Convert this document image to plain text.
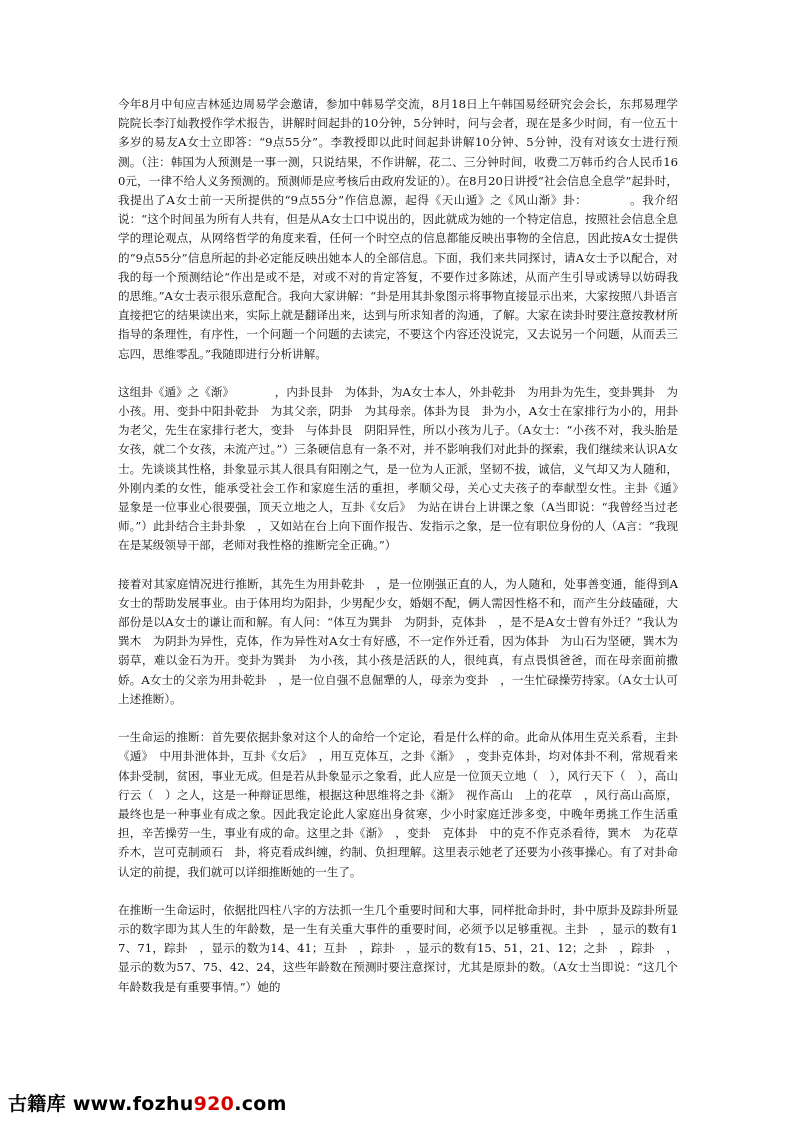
今年8月中旬应吉林延边周易学会邀请，参加中韩易学交流，8月18日上午韩国易经研究会会长，东邦易理学院院长李汀灿教授作学术报告，讲解时间起卦的10分钟，5分钟时，问与会者，现在是多少时间，有一位五十多岁的易友A女士立即答：“9点55分”。李教授即以此时间起卦讲解10分钟、5分钟，没有对该女士进行预测。（注：韩国为人预测是一事一测，只说结果，不作讲解，花二、三分钟时间，收费二万韩币约合人民币160元，一律不给人义务预测的。预测师是应考核后由政府发证的）。在8月20日讲授“社会信息全息学”起卦时，我提出了A女士前一天所提供的“9点55分”作信息源，起得《天山遁》之《风山渐》卦：　　　　。我介绍说：“这个时间虽为所有人共有，但是从A女士口中说出的，因此就成为她的一个特定信息，按照社会信息全息学的理论观点，从网络哲学的角度来看，任何一个时空点的信息都能反映出事物的全信息，因此按A女士提供的“9点55分”信息所起的卦必定能反映出她本人的全部信息。下面，我们来共同探讨，请A女士予以配合，对我的每一个预测结论“作出是或不是，对或不对的肯定答复，不要作过多陈述，从而产生引导或诱导以妨碍我的思维。”A女士表示很乐意配合。我向大家讲解：“卦是用其卦象图示将事物直接显示出来，大家按照八卦语言直接把它的结果读出来，实际上就是翻译出来，达到与所求知者的沟通，了解。大家在读卦时要注意按教材所指导的条理性，有序性，一个问题一个问题的去读完，不要这个内容还没说完，又去说另一个问题，从而丢三忘四，思维零乱。”我随即进行分析讲解。

这组卦《遁》之《渐》　　　　，内卦艮卦　为体卦，为A女士本人，外卦乾卦　为用卦为先生，变卦巽卦　为小孩。用、变卦中阳卦乾卦　为其父亲，阴卦　为其母亲。体卦为艮　卦为小，A女士在家排行为小的，用卦　为老父，先生在家排行老大，变卦　与体卦艮　阴阳异性，所以小孩为儿子。（A女士：“小孩不对，我头胎是女孩，就二个女孩，未流产过。”）三条硬信息有一条不对，并不影响我们对此卦的探索，我们继续来认识A女士。先谈谈其性格，卦象显示其人很具有阳刚之气，是一位为人正派，坚韧不拔，诚信，义气却又为人随和，外刚内柔的女性，能承受社会工作和家庭生活的重担，孝顺父母，关心丈夫孩子的奉献型女性。主卦《遁》　显象是一位事业心很要强，顶天立地之人，互卦《女后》　为站在讲台上讲课之象（A当即说：“我曾经当过老师。”）此卦结合主卦卦象　，又如站在台上向下面作报告、发指示之象，是一位有职位身份的人（A言：“我现在是某级领导干部，老师对我性格的推断完全正确。”）

接着对其家庭情况进行推断，其先生为用卦乾卦　，是一位刚强正直的人，为人随和，处事善变通，能得到A女士的帮助发展事业。由于体用均为阳卦，少男配少女，婚姻不配，俩人需因性格不和，而产生分歧磕碰，大部份是以A女士的谦让而和解。有人问：“体互为巽卦　为阴卦，克体卦　，是不是A女士曾有外迁？”我认为巽木　为阴卦为异性，克体，作为异性对A女士有好感，不一定作外迁看，因为体卦　为山石为坚硬，巽木为弱草，难以金石为开。变卦为巽卦　为小孩，其小孩是活跃的人，很纯真，有点畏惧爸爸，而在母亲面前撒娇。A女士的父亲为用卦乾卦　，是一位自强不息倔犟的人，母亲为变卦　，一生忙碌操劳持家。（A女士认可上述推断）。

一生命运的推断：首先要依据卦象对这个人的命给一个定论，看是什么样的命。此命从体用生克关系看，主卦《遁》　中用卦泄体卦，互卦《女后》　，用互克体互，之卦《渐》　，变卦克体卦，均对体卦不利，常规看来体卦受制，贫困，事业无成。但是若从卦象显示之象看，此人应是一位顶天立地（　），风行天下（　），高山行云（　）之人，这是一种辩证思维，根据这种思维将之卦《渐》　视作高山　上的花草　，风行高山高原，最终也是一种事业有成之象。因此我定论此人家庭出身贫寒，少小时家庭迁涉多变，中晚年勇挑工作生活重担，辛苦操劳一生，事业有成的命。这里之卦《渐》　，变卦　克体卦　中的克不作克杀看待，巽木　为花草乔木，岂可克制顽石　卦，将克看成纠缠，约制、负担理解。这里表示她老了还要为小孩事操心。有了对卦命认定的前提，我们就可以详细推断她的一生了。

在推断一生命运时，依据批四柱八字的方法抓一生几个重要时间和大事，同样批命卦时，卦中原卦及踪卦所显示的数字即为其人生的年龄数，是一生有关重大事件的重要时间，必须予以足够重视。主卦　，显示的数有17、71，踪卦　，显示的数为14、41；互卦　，踪卦　，显示的数有15、51，21、12；之卦　，踪卦　，显示的数为57、75、42、24，这些年龄数在预测时要注意探讨，尤其是原卦的数。（A女士当即说：“这几个年龄数我是有重要事情。”）她的

古籍库 www.fozhu920.com
